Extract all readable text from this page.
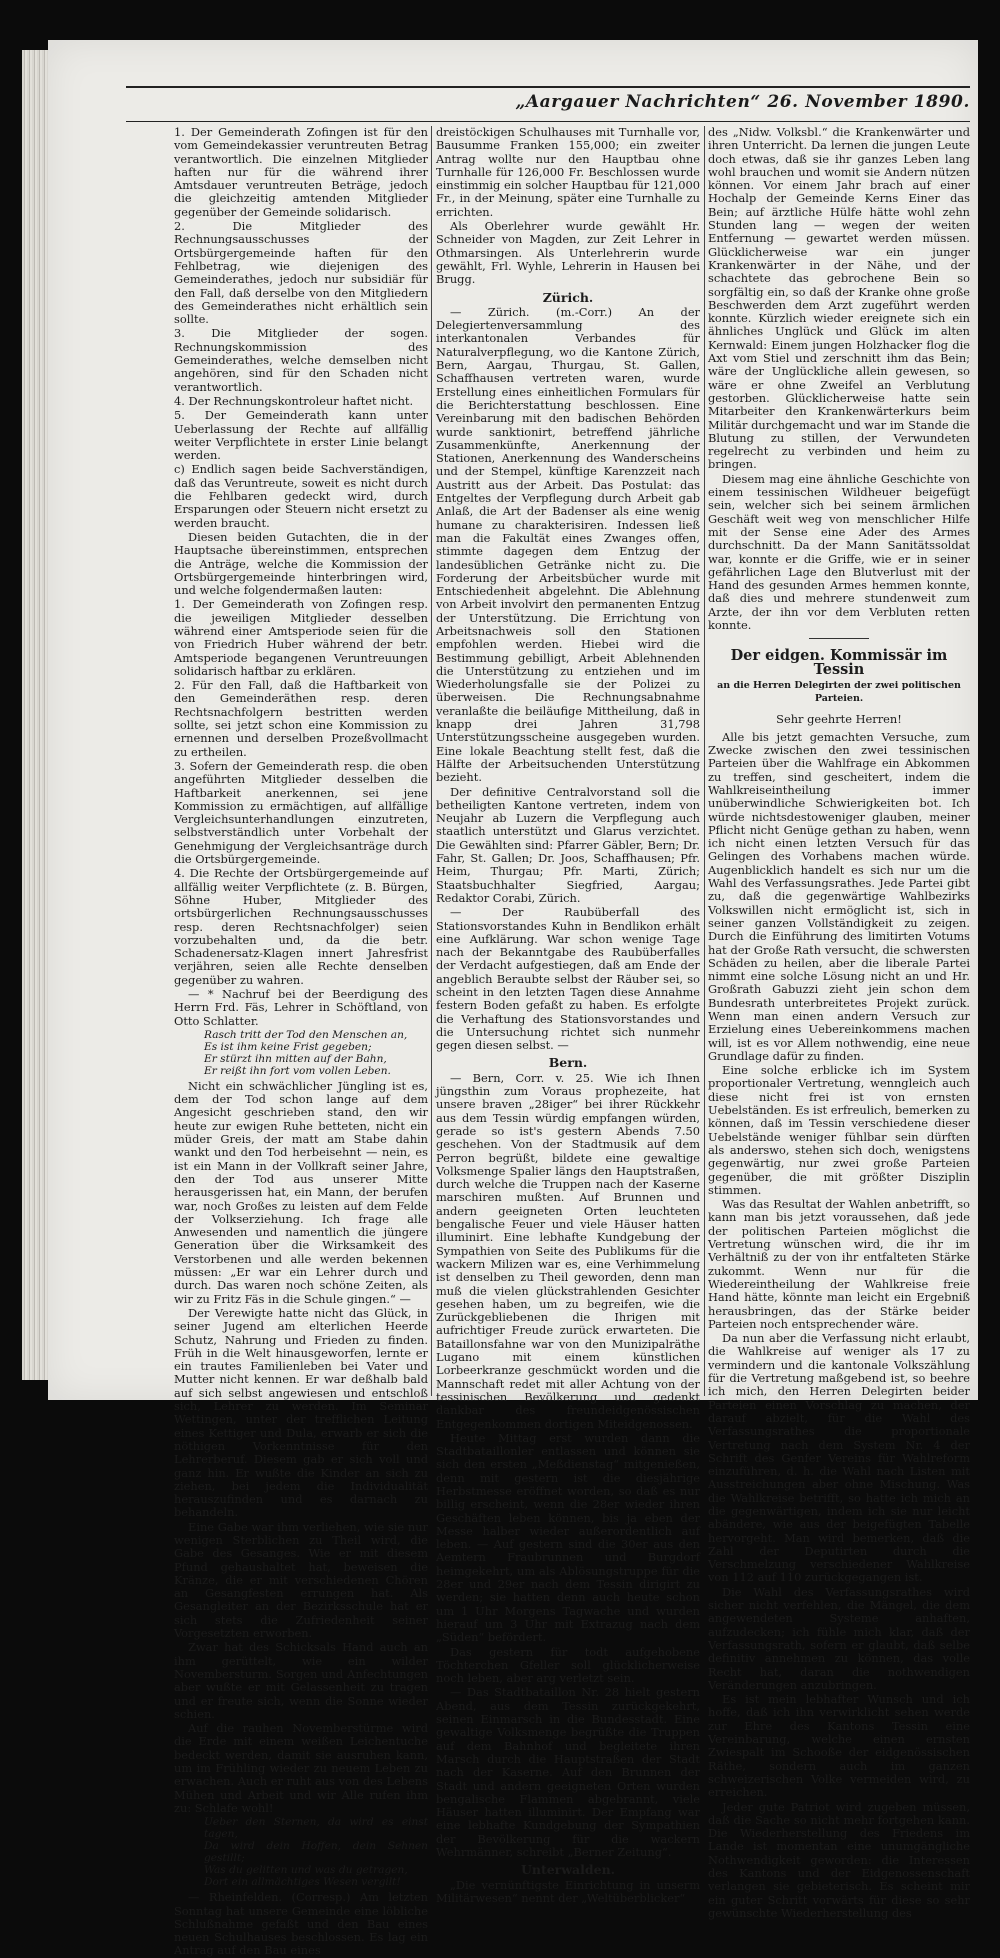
„Aargauer Nachrichten“ 26. November 1890.

1. Der Gemeinderath Zofingen ist für den vom Gemeindekassier veruntreuten Betrag verantwortlich. Die einzelnen Mitglieder haften nur für die während ihrer Amtsdauer veruntreuten Beträge, jedoch die gleichzeitig amtenden Mitglieder gegenüber der Gemeinde solidarisch.

2. Die Mitglieder des Rechnungsausschusses der Ortsbürgergemeinde haften für den Fehlbetrag, wie diejenigen des Gemeinderathes, jedoch nur subsidiär für den Fall, daß derselbe von den Mitgliedern des Gemeinderathes nicht erhältlich sein sollte.

3. Die Mitglieder der sogen. Rechnungskommission des Gemeinderathes, welche demselben nicht angehören, sind für den Schaden nicht verantwortlich.

4. Der Rechnungskontroleur haftet nicht.

5. Der Gemeinderath kann unter Ueberlassung der Rechte auf allfällig weiter Verpflichtete in erster Linie belangt werden.

c) Endlich sagen beide Sachverständigen, daß das Veruntreute, soweit es nicht durch die Fehlbaren gedeckt wird, durch Ersparungen oder Steuern nicht ersetzt zu werden braucht.

Diesen beiden Gutachten, die in der Hauptsache übereinstimmen, entsprechen die Anträge, welche die Kommission der Ortsbürgergemeinde hinterbringen wird, und welche folgendermaßen lauten:

1. Der Gemeinderath von Zofingen resp. die jeweiligen Mitglieder desselben während einer Amtsperiode seien für die von Friedrich Huber während der betr. Amtsperiode begangenen Veruntreuungen solidarisch haftbar zu erklären.

2. Für den Fall, daß die Haftbarkeit von den Gemeinderäthen resp. deren Rechtsnachfolgern bestritten werden sollte, sei jetzt schon eine Kommission zu ernennen und derselben Prozeßvollmacht zu ertheilen.

3. Sofern der Gemeinderath resp. die oben angeführten Mitglieder desselben die Haftbarkeit anerkennen, sei jene Kommission zu ermächtigen, auf allfällige Vergleichsunterhandlungen einzutreten, selbstverständlich unter Vorbehalt der Genehmigung der Vergleichsanträge durch die Ortsbürgergemeinde.

4. Die Rechte der Ortsbürgergemeinde auf allfällig weiter Verpflichtete (z. B. Bürgen, Söhne Huber, Mitglieder des ortsbürgerlichen Rechnungsausschusses resp. deren Rechtsnachfolger) seien vorzubehalten und, da die betr. Schadenersatz-Klagen innert Jahresfrist verjähren, seien alle Rechte denselben gegenüber zu wahren.

— * Nachruf bei der Beerdigung des Herrn Frd. Fäs, Lehrer in Schöftland, von Otto Schlatter.

Rasch tritt der Tod den Menschen an,
Es ist ihm keine Frist gegeben;
Er stürzt ihn mitten auf der Bahn,
Er reißt ihn fort vom vollen Leben.

Nicht ein schwächlicher Jüngling ist es, dem der Tod schon lange auf dem Angesicht geschrieben stand, den wir heute zur ewigen Ruhe betteten, nicht ein müder Greis, der matt am Stabe dahin wankt und den Tod herbeisehnt — nein, es ist ein Mann in der Vollkraft seiner Jahre, den der Tod aus unserer Mitte herausgerissen hat, ein Mann, der berufen war, noch Großes zu leisten auf dem Felde der Volkserziehung. Ich frage alle Anwesenden und namentlich die jüngere Generation über die Wirksamkeit des Verstorbenen und alle werden bekennen müssen: „Er war ein Lehrer durch und durch. Das waren noch schöne Zeiten, als wir zu Fritz Fäs in die Schule gingen.“ —

Der Verewigte hatte nicht das Glück, in seiner Jugend am elterlichen Heerde Schutz, Nahrung und Frieden zu finden. Früh in die Welt hinausgeworfen, lernte er ein trautes Familienleben bei Vater und Mutter nicht kennen. Er war deßhalb bald auf sich selbst angewiesen und entschloß sich, Lehrer zu werden. Im Seminar Wettingen, unter der trefflichen Leitung eines Kettiger und Dula, erwarb er sich die nöthigen Vorkenntnisse für den Lehrerberuf. Diesem gab er sich voll und ganz hin. Er wußte die Kinder an sich zu ziehen, bei jedem die Individualität herauszufinden und es darnach zu behandeln.

Eine Gabe war ihm verliehen, wie sie nur wenigen Sterblichen zu Theil wird, die Gabe des Gesanges. Wie er mit diesem Pfund gehaushaltet hat, beweisen die Kränze, die er mit verschiedenen Chören an Gesangfesten errungen hat. Als Gesangleiter an der Bezirksschule hat er sich stets die Zufriedenheit seiner Vorgesetzten erworben.

Zwar hat des Schicksals Hand auch an ihm gerüttelt, wie ein wilder Novembersturm. Sorgen und Anfechtungen aber wußte er mit Gelassenheit zu tragen und er freute sich, wenn die Sonne wieder schien.

Auf die rauhen Novemberstürme wird die Erde mit einem weißen Leichentuche bedeckt werden, damit sie ausruhen kann, um im Frühling wieder zu neuem Leben zu erwachen. Auch er ruht aus von des Lebens Mühen und Arbeit und wir Alle rufen ihm zu: Schlafe wohl!

Ueber den Sternen, da wird es einst tagen,
Da wird dein Hoffen, dein Sehnen gestillt;
Was du gelitten und was du getragen,
Dort ein allmächtiges Wesen vergilt!

— Rheinfelden. (Corresp.) Am letzten Sonntag hat unsere Gemeinde eine löbliche Schlußnahme gefaßt und den Bau eines neuen Schulhauses beschlossen. Es lag ein Antrag auf den Bau eines

dreistöckigen Schulhauses mit Turnhalle vor, Bausumme Franken 155,000; ein zweiter Antrag wollte nur den Hauptbau ohne Turnhalle für 126,000 Fr. Beschlossen wurde einstimmig ein solcher Hauptbau für 121,000 Fr., in der Meinung, später eine Turnhalle zu errichten.

Als Oberlehrer wurde gewählt Hr. Schneider von Magden, zur Zeit Lehrer in Othmarsingen. Als Unterlehrerin wurde gewählt, Frl. Wyhle, Lehrerin in Hausen bei Brugg.

Zürich.

— Zürich. (m.-Corr.) An der Delegiertenversammlung des interkantonalen Verbandes für Naturalverpflegung, wo die Kantone Zürich, Bern, Aargau, Thurgau, St. Gallen, Schaffhausen vertreten waren, wurde Erstellung eines einheitlichen Formulars für die Berichterstattung beschlossen. Eine Vereinbarung mit den badischen Behörden wurde sanktionirt, betreffend jährliche Zusammenkünfte, Anerkennung der Stationen, Anerkennung des Wanderscheins und der Stempel, künftige Karenzzeit nach Austritt aus der Arbeit. Das Postulat: das Entgeltes der Verpflegung durch Arbeit gab Anlaß, die Art der Badenser als eine wenig humane zu charakterisiren. Indessen ließ man die Fakultät eines Zwanges offen, stimmte dagegen dem Entzug der landesüblichen Getränke nicht zu. Die Forderung der Arbeitsbücher wurde mit Entschiedenheit abgelehnt. Die Ablehnung von Arbeit involvirt den permanenten Entzug der Unterstützung. Die Errichtung von Arbeitsnachweis soll den Stationen empfohlen werden. Hiebei wird die Bestimmung gebilligt, Arbeit Ablehnenden die Unterstützung zu entziehen und im Wiederholungsfalle sie der Polizei zu überweisen. Die Rechnungsabnahme veranlaßte die beiläufige Mittheilung, daß in knapp drei Jahren 31,798 Unterstützungsscheine ausgegeben wurden. Eine lokale Beachtung stellt fest, daß die Hälfte der Arbeitsuchenden Unterstützung bezieht.

Der definitive Centralvorstand soll die betheiligten Kantone vertreten, indem von Neujahr ab Luzern die Verpflegung auch staatlich unterstützt und Glarus verzichtet. Die Gewählten sind: Pfarrer Gäbler, Bern; Dr. Fahr, St. Gallen; Dr. Joos, Schaffhausen; Pfr. Heim, Thurgau; Pfr. Marti, Zürich; Staatsbuchhalter Siegfried, Aargau; Redaktor Corabi, Zürich.

— Der Raubüberfall des Stationsvorstandes Kuhn in Bendlikon erhält eine Aufklärung. War schon wenige Tage nach der Bekanntgabe des Raubüberfalles der Verdacht aufgestiegen, daß am Ende der angeblich Beraubte selbst der Räuber sei, so scheint in den letzten Tagen diese Annahme festern Boden gefaßt zu haben. Es erfolgte die Verhaftung des Stationsvorstandes und die Untersuchung richtet sich nunmehr gegen diesen selbst. —

Bern.

— Bern, Corr. v. 25. Wie ich Ihnen jüngsthin zum Voraus prophezeite, hat unsere braven „28iger“ bei ihrer Rückkehr aus dem Tessin würdig empfangen würden, gerade so ist's gestern Abends 7.50 geschehen. Von der Stadtmusik auf dem Perron begrüßt, bildete eine gewaltige Volksmenge Spalier längs den Hauptstraßen, durch welche die Truppen nach der Kaserne marschiren mußten. Auf Brunnen und andern geeigneten Orten leuchteten bengalische Feuer und viele Häuser hatten illuminirt. Eine lebhafte Kundgebung der Sympathien von Seite des Publikums für die wackern Milizen war es, eine Verhimmelung ist denselben zu Theil geworden, denn man muß die vielen glückstrahlenden Gesichter gesehen haben, um zu begreifen, wie die Zurückgebliebenen die Ihrigen mit aufrichtiger Freude zurück erwarteten. Die Bataillonsfahne war von den Munizipalräthe Lugano mit einem künstlichen Lorbeerkranze geschmückt worden und die Mannschaft redet mit aller Achtung von der tessinischen Bevölkerung und gedenkt dankbar des freundeidgenössischen Entgegenkommen dortigen Miteidgenossen.

Heute Mittag erst wurden dann die Stadtbataillonler entlassen und können sie sich den ersten „Meßdienstag“ mitgenießen, denn mit gestern ist die diesjährige Herbstmesse eröffnet worden, so daß es nur billig erscheint, wenn die 28er wieder ihren Geschäften leben können, bis ja eben der Messe halber wieder außerordentlich auf leben. — Auf gestern sind die 30er aus den Aemtern Fraubrunnen und Burgdorf heimgekehrt, um als Ablösungstruppe für die 28er und 29er nach dem Tessin dirigirt zu werden; sie hatten denn auch heute schon um 1 Uhr Morgens Tagwache und wurden hierauf um 3 Uhr mit Extrazug nach dem „Süden“ befördert.

Das gestern für todt aufgehobene Töchterchen Gfeller soll glücklicherweise noch leben, aber arg verletzt sein.

— Das Stadtbataillon Nr. 28 hielt gestern Abend, aus dem Tessin zurückgekehrt, seinen Einmarsch in die Bundesstadt. Eine gewaltige Volksmenge begrüßte die Truppen auf dem Bahnhof und begleitete ihren Marsch durch die Hauptstraßen der Stadt nach der Kaserne. Auf den Brunnen der Stadt und andern geeigneten Orten wurden bengalische Flammen abgebrannt, viele Häuser hatten illuminirt. Der Empfang war eine lebhafte Kundgebung der Sympathien der Bevölkerung für die wackern Wehrmänner, schreibt „Berner Zeitung“.

Unterwalden.

„Die vernünftigste Einrichtung in unserm Militärwesen“ nennt der „Weltüberblicker“

des „Nidw. Volksbl.“ die Krankenwärter und ihren Unterricht. Da lernen die jungen Leute doch etwas, daß sie ihr ganzes Leben lang wohl brauchen und womit sie Andern nützen können. Vor einem Jahr brach auf einer Hochalp der Gemeinde Kerns Einer das Bein; auf ärztliche Hülfe hätte wohl zehn Stunden lang — wegen der weiten Entfernung — gewartet werden müssen. Glücklicherweise war ein junger Krankenwärter in der Nähe, und der schachtete das gebrochene Bein so sorgfältig ein, so daß der Kranke ohne große Beschwerden dem Arzt zugeführt werden konnte. Kürzlich wieder ereignete sich ein ähnliches Unglück und Glück im alten Kernwald: Einem jungen Holzhacker flog die Axt vom Stiel und zerschnitt ihm das Bein; wäre der Unglückliche allein gewesen, so wäre er ohne Zweifel an Verblutung gestorben. Glücklicherweise hatte sein Mitarbeiter den Krankenwärterkurs beim Militär durchgemacht und war im Stande die Blutung zu stillen, der Verwundeten regelrecht zu verbinden und heim zu bringen.

Diesem mag eine ähnliche Geschichte von einem tessinischen Wildheuer beigefügt sein, welcher sich bei seinem ärmlichen Geschäft weit weg von menschlicher Hilfe mit der Sense eine Ader des Armes durchschnitt. Da der Mann Sanitätssoldat war, konnte er die Griffe, wie er in seiner gefährlichen Lage den Blutverlust mit der Hand des gesunden Armes hemmen konnte, daß dies und mehrere stundenweit zum Arzte, der ihn vor dem Verbluten retten konnte.

Der eidgen. Kommissär im Tessin
an die Herren Delegirten der zwei politischen Parteien.
Sehr geehrte Herren!

Alle bis jetzt gemachten Versuche, zum Zwecke zwischen den zwei tessinischen Parteien über die Wahlfrage ein Abkommen zu treffen, sind gescheitert, indem die Wahlkreiseintheilung immer unüberwindliche Schwierigkeiten bot. Ich würde nichtsdestoweniger glauben, meiner Pflicht nicht Genüge gethan zu haben, wenn ich nicht einen letzten Versuch für das Gelingen des Vorhabens machen würde. Augenblicklich handelt es sich nur um die Wahl des Verfassungsrathes. Jede Partei gibt zu, daß die gegenwärtige Wahlbezirks Volkswillen nicht ermöglicht ist, sich in seiner ganzen Vollständigkeit zu zeigen. Durch die Einführung des limitirten Votums hat der Große Rath versucht, die schwersten Schäden zu heilen, aber die liberale Partei nimmt eine solche Lösung nicht an und Hr. Großrath Gabuzzi zieht jein schon dem Bundesrath unterbreitetes Projekt zurück. Wenn man einen andern Versuch zur Erzielung eines Uebereinkommens machen will, ist es vor Allem nothwendig, eine neue Grundlage dafür zu finden.

Eine solche erblicke ich im System proportionaler Vertretung, wenngleich auch diese nicht frei ist von ernsten Uebelständen. Es ist erfreulich, bemerken zu können, daß im Tessin verschiedene dieser Uebelstände weniger fühlbar sein dürften als anderswo, stehen sich doch, wenigstens gegenwärtig, nur zwei große Parteien gegenüber, die mit größter Disziplin stimmen.

Was das Resultat der Wahlen anbetrifft, so kann man bis jetzt voraussehen, daß jede der politischen Parteien möglichst die Vertretung wünschen wird, die ihr im Verhältniß zu der von ihr entfalteten Stärke zukommt. Wenn nur für die Wiedereintheilung der Wahlkreise freie Hand hätte, könnte man leicht ein Ergebniß herausbringen, das der Stärke beider Parteien noch entsprechender wäre.

Da nun aber die Verfassung nicht erlaubt, die Wahlkreise auf weniger als 17 zu vermindern und die kantonale Volkszählung für die Vertretung maßgebend ist, so beehre ich mich, den Herren Delegirten beider Parteien einen Vorschlag zu machen, der darauf abzielt, für die Wahl des Verfassungsrathes die proportionale Vertretung nach dem System Nr. 4 der Schrift des Genfer Vereins für Wahlreform einzuführen, d. h. die Wahl nach Listen mit Ausstreichungen aber ohne Mischung. Was die Wahlkreise betrifft, so hatte ich mich an die gegenwärtigen, indem ich sie nur leicht abändere, wie aus der beigefügten Tabelle hervorgeht. Man wird bemerken, daß die Zahl der Deputirten durch die Verschmelzung verschiedener Wahlkreise von 112 auf 110 zurückgegangen ist.

Die Wahl des Verfassungsrathes wird sicher nicht verfehlen, die Mängel, die dem angewendeten Systeme anhaften, aufzudecken; ich fühle mich klar, daß der Verfassungsrath, sofern er glaubt, daß selbe definitiv annehmen zu können, das volle Recht hat, daran die nothwendigen Veränderungen anzubringen.

Es ist mein lebhafter Wunsch und ich hoffe, daß ich ihn verwirklicht sehen werde zur Ehre des Kantons Tessin eine Vereinbarung, welche einen ernsten Zwiespalt im Schooße der eidgenössischen Räthe, sondern auch im ganzen schweizerischen Volke vermeiden wird, zu erreichen.

Jeder gute Patriot wird zugeben müssen, daß die Sache so nicht mehr fortgehen kann. Die Wiederherstellung des Friedens im Lande ist momentan eine unumgängliche Nothwendigkeit geworden: die Interessen des Kantons und der Eidgenossenschaft verlangen sie gebieterisch. Es scheint mir ein guter Schritt vorwärts für diese so sehr gewünschte Wiederherstellung des
